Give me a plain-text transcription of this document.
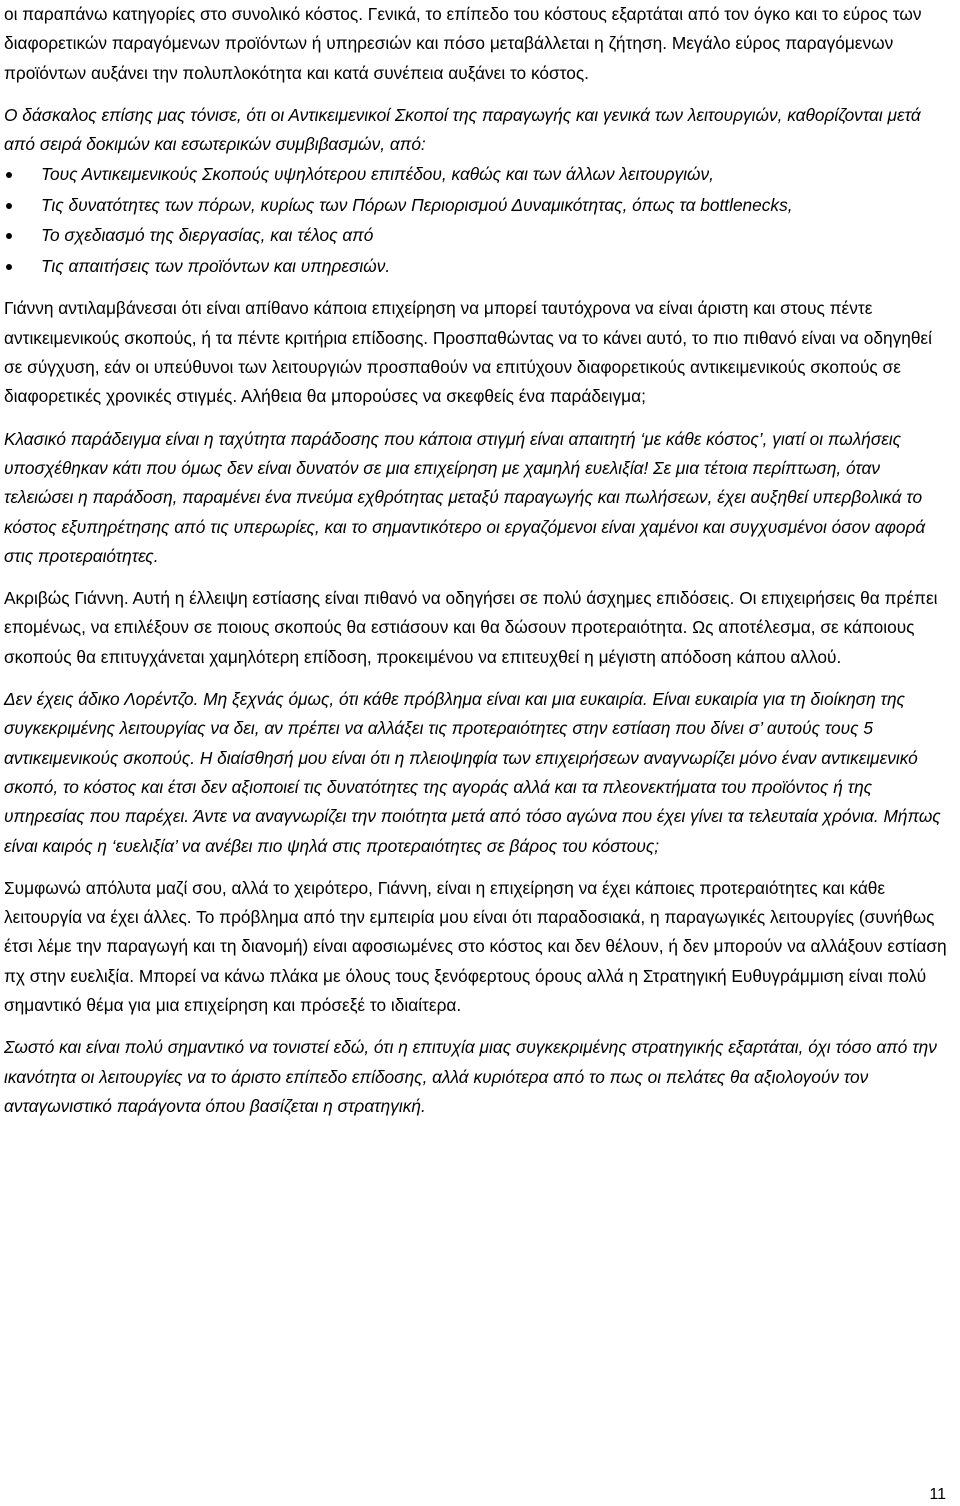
οι παραπάνω κατηγορίες στο συνολικό κόστος. Γενικά, το επίπεδο του κόστους εξαρτάται από τον όγκο και το εύρος των διαφορετικών παραγόμενων προϊόντων ή υπηρεσιών και πόσο μεταβάλλεται η ζήτηση. Μεγάλο εύρος παραγόμενων προϊόντων αυξάνει την πολυπλοκότητα και κατά συνέπεια αυξάνει το κόστος.

Ο δάσκαλος επίσης μας τόνισε, ότι οι Αντικειμενικοί Σκοποί της παραγωγής και γενικά των λειτουργιών, καθορίζονται μετά από σειρά δοκιμών και εσωτερικών συμβιβασμών, από:

Τους Αντικειμενικούς Σκοπούς υψηλότερου επιπέδου, καθώς και των άλλων λειτουργιών,
Τις δυνατότητες των πόρων, κυρίως των Πόρων Περιορισμού Δυναμικότητας, όπως τα bottlenecks,
Το σχεδιασμό της διεργασίας, και τέλος από
Τις απαιτήσεις των προϊόντων και υπηρεσιών.

Γιάννη αντιλαμβάνεσαι ότι είναι απίθανο κάποια επιχείρηση να μπορεί ταυτόχρονα να είναι άριστη και στους πέντε αντικειμενικούς σκοπούς, ή τα πέντε κριτήρια επίδοσης. Προσπαθώντας να το κάνει αυτό, το πιο πιθανό είναι να οδηγηθεί σε σύγχυση, εάν οι υπεύθυνοι των λειτουργιών προσπαθούν να επιτύχουν διαφορετικούς αντικειμενικούς σκοπούς σε διαφορετικές χρονικές στιγμές. Αλήθεια θα μπορούσες να σκεφθείς ένα παράδειγμα;

Κλασικό παράδειγμα είναι η ταχύτητα παράδοσης που κάποια στιγμή είναι απαιτητή ‘με κάθε κόστος’, γιατί οι πωλήσεις υποσχέθηκαν κάτι που όμως δεν είναι δυνατόν σε μια επιχείρηση με χαμηλή ευελιξία! Σε μια τέτοια περίπτωση, όταν τελειώσει η παράδοση, παραμένει ένα πνεύμα εχθρότητας μεταξύ παραγωγής και πωλήσεων, έχει αυξηθεί υπερβολικά το κόστος εξυπηρέτησης από τις υπερωρίες, και το σημαντικότερο οι εργαζόμενοι είναι χαμένοι και συγχυσμένοι όσον αφορά στις προτεραιότητες.

Ακριβώς Γιάννη. Αυτή η έλλειψη εστίασης είναι πιθανό να οδηγήσει σε πολύ άσχημες επιδόσεις. Οι επιχειρήσεις θα πρέπει επομένως, να επιλέξουν σε ποιους σκοπούς θα εστιάσουν και θα δώσουν προτεραιότητα. Ως αποτέλεσμα, σε κάποιους σκοπούς θα επιτυγχάνεται χαμηλότερη επίδοση, προκειμένου να επιτευχθεί η μέγιστη απόδοση κάπου αλλού.

Δεν έχεις άδικο Λορέντζο. Μη ξεχνάς όμως, ότι κάθε πρόβλημα είναι και μια ευκαιρία. Είναι ευκαιρία για τη διοίκηση της συγκεκριμένης λειτουργίας να δει, αν πρέπει να αλλάξει τις προτεραιότητες στην εστίαση που δίνει σ’ αυτούς τους 5 αντικειμενικούς σκοπούς. Η διαίσθησή μου είναι ότι η πλειοψηφία των επιχειρήσεων αναγνωρίζει μόνο έναν αντικειμενικό σκοπό, το κόστος και έτσι δεν αξιοποιεί τις δυνατότητες της αγοράς αλλά και τα πλεονεκτήματα του προϊόντος ή της υπηρεσίας που παρέχει. Άντε να αναγνωρίζει την ποιότητα μετά από τόσο αγώνα που έχει γίνει τα τελευταία χρόνια. Μήπως είναι καιρός η ‘ευελιξία’ να ανέβει πιο ψηλά στις προτεραιότητες σε βάρος του κόστους;

Συμφωνώ απόλυτα μαζί σου, αλλά το χειρότερο, Γιάννη, είναι η επιχείρηση να έχει κάποιες προτεραιότητες και κάθε λειτουργία να έχει άλλες. Το πρόβλημα από την εμπειρία μου είναι ότι παραδοσιακά, η παραγωγικές λειτουργίες (συνήθως έτσι λέμε την παραγωγή και τη διανομή) είναι αφοσιωμένες στο κόστος και δεν θέλουν, ή δεν μπορούν να αλλάξουν εστίαση πχ στην ευελιξία. Μπορεί να κάνω πλάκα με όλους τους ξενόφερτους όρους αλλά η Στρατηγική Ευθυγράμμιση είναι πολύ σημαντικό θέμα για μια επιχείρηση και πρόσεξέ το ιδιαίτερα.

Σωστό και είναι πολύ σημαντικό να τονιστεί εδώ, ότι η επιτυχία μιας συγκεκριμένης στρατηγικής εξαρτάται, όχι τόσο από την ικανότητα οι λειτουργίες να το άριστο επίπεδο επίδοσης, αλλά κυριότερα από το πως οι πελάτες θα αξιολογούν τον ανταγωνιστικό παράγοντα όπου βασίζεται η στρατηγική.

11
